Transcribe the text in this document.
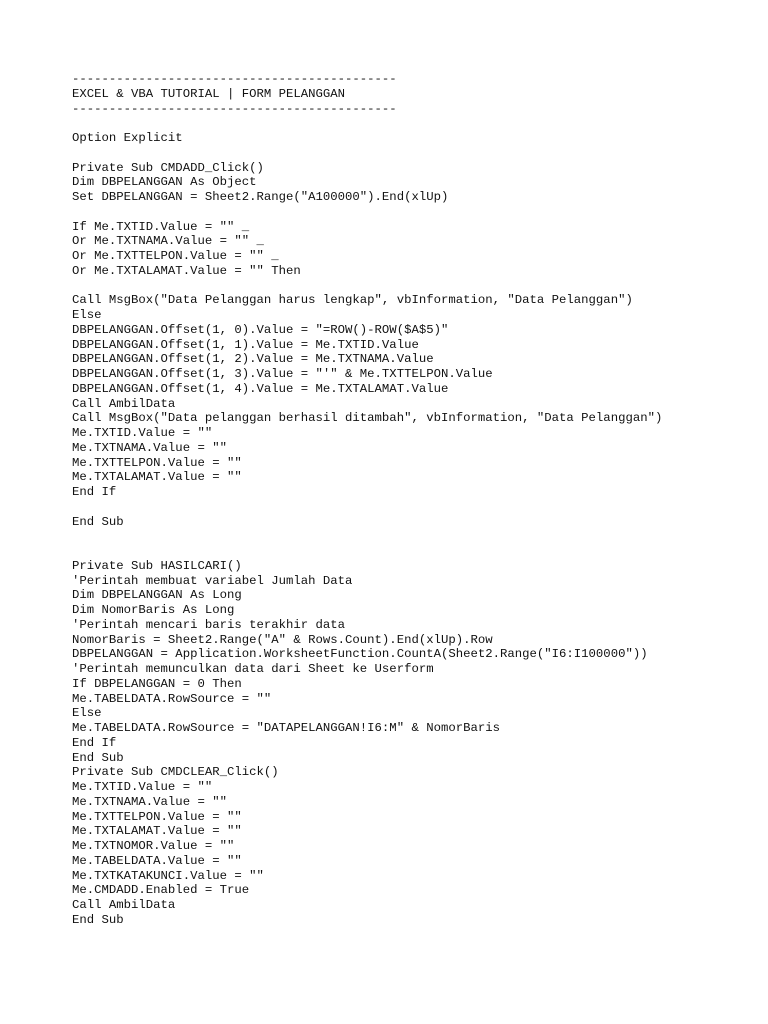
--------------------------------------------
EXCEL & VBA TUTORIAL | FORM PELANGGAN
--------------------------------------------
Option Explicit
Private Sub CMDADD_Click()
Dim DBPELANGGAN As Object
Set DBPELANGGAN = Sheet2.Range("A100000").End(xlUp)
If Me.TXTID.Value = "" _
Or Me.TXTNAMA.Value = "" _
Or Me.TXTTELPON.Value = "" _
Or Me.TXTALAMAT.Value = "" Then
Call MsgBox("Data Pelanggan harus lengkap", vbInformation, "Data Pelanggan")
Else
DBPELANGGAN.Offset(1, 0).Value = "=ROW()-ROW($A$5)"
DBPELANGGAN.Offset(1, 1).Value = Me.TXTID.Value
DBPELANGGAN.Offset(1, 2).Value = Me.TXTNAMA.Value
DBPELANGGAN.Offset(1, 3).Value = "'" & Me.TXTTELPON.Value
DBPELANGGAN.Offset(1, 4).Value = Me.TXTALAMAT.Value
Call AmbilData
Call MsgBox("Data pelanggan berhasil ditambah", vbInformation, "Data Pelanggan")
Me.TXTID.Value = ""
Me.TXTNAMA.Value = ""
Me.TXTTELPON.Value = ""
Me.TXTALAMAT.Value = ""
End If
End Sub
Private Sub HASILCARI()
'Perintah membuat variabel Jumlah Data
Dim DBPELANGGAN As Long
Dim NomorBaris As Long
'Perintah mencari baris terakhir data
NomorBaris = Sheet2.Range("A" & Rows.Count).End(xlUp).Row
DBPELANGGAN = Application.WorksheetFunction.CountA(Sheet2.Range("I6:I100000"))
'Perintah memunculkan data dari Sheet ke Userform
If DBPELANGGAN = 0 Then
Me.TABELDATA.RowSource = ""
Else
Me.TABELDATA.RowSource = "DATAPELANGGAN!I6:M" & NomorBaris
End If
End Sub
Private Sub CMDCLEAR_Click()
Me.TXTID.Value = ""
Me.TXTNAMA.Value = ""
Me.TXTTELPON.Value = ""
Me.TXTALAMAT.Value = ""
Me.TXTNOMOR.Value = ""
Me.TABELDATA.Value = ""
Me.TXTKATAKUNCI.Value = ""
Me.CMDADD.Enabled = True
Call AmbilData
End Sub
